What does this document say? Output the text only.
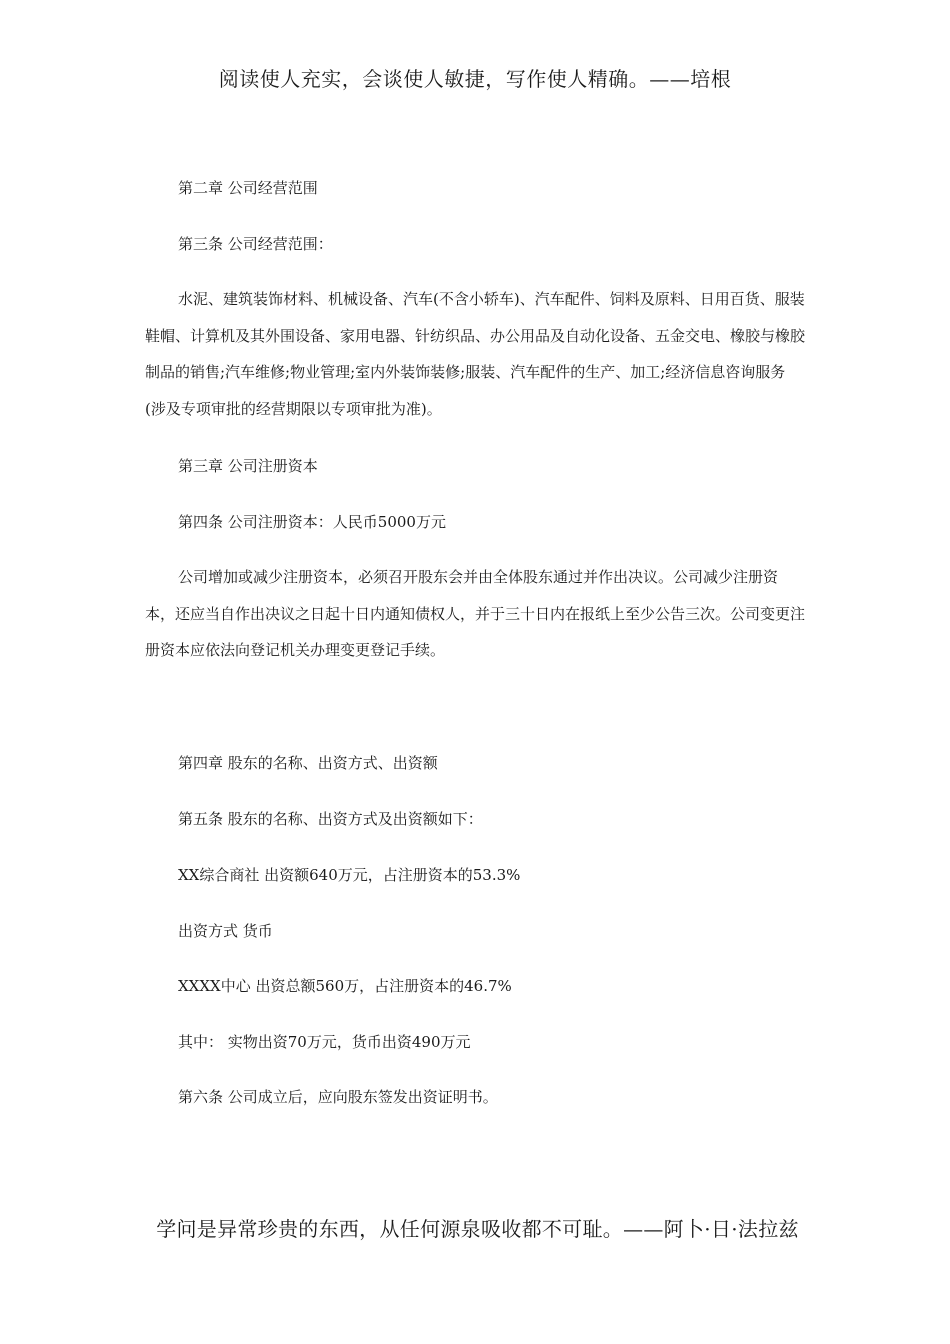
阅读使人充实，会谈使人敏捷，写作使人精确。——培根
第二章 公司经营范围
第三条 公司经营范围：
水泥、建筑装饰材料、机械设备、汽车(不含小轿车)、汽车配件、饲料及原料、日用百货、服装鞋帽、计算机及其外围设备、家用电器、针纺织品、办公用品及自动化设备、五金交电、橡胶与橡胶制品的销售;汽车维修;物业管理;室内外装饰装修;服装、汽车配件的生产、加工;经济信息咨询服务(涉及专项审批的经营期限以专项审批为准)。
第三章 公司注册资本
第四条 公司注册资本：人民币5000万元
公司增加或减少注册资本，必须召开股东会并由全体股东通过并作出决议。公司减少注册资本，还应当自作出决议之日起十日内通知债权人，并于三十日内在报纸上至少公告三次。公司变更注册资本应依法向登记机关办理变更登记手续。
第四章 股东的名称、出资方式、出资额
第五条 股东的名称、出资方式及出资额如下：
XX综合商社 出资额640万元，占注册资本的53.3%
出资方式 货币
XXXX中心 出资总额560万，占注册资本的46.7%
其中： 实物出资70万元，货币出资490万元
第六条 公司成立后，应向股东签发出资证明书。
学问是异常珍贵的东西，从任何源泉吸收都不可耻。——阿卜·日·法拉兹
